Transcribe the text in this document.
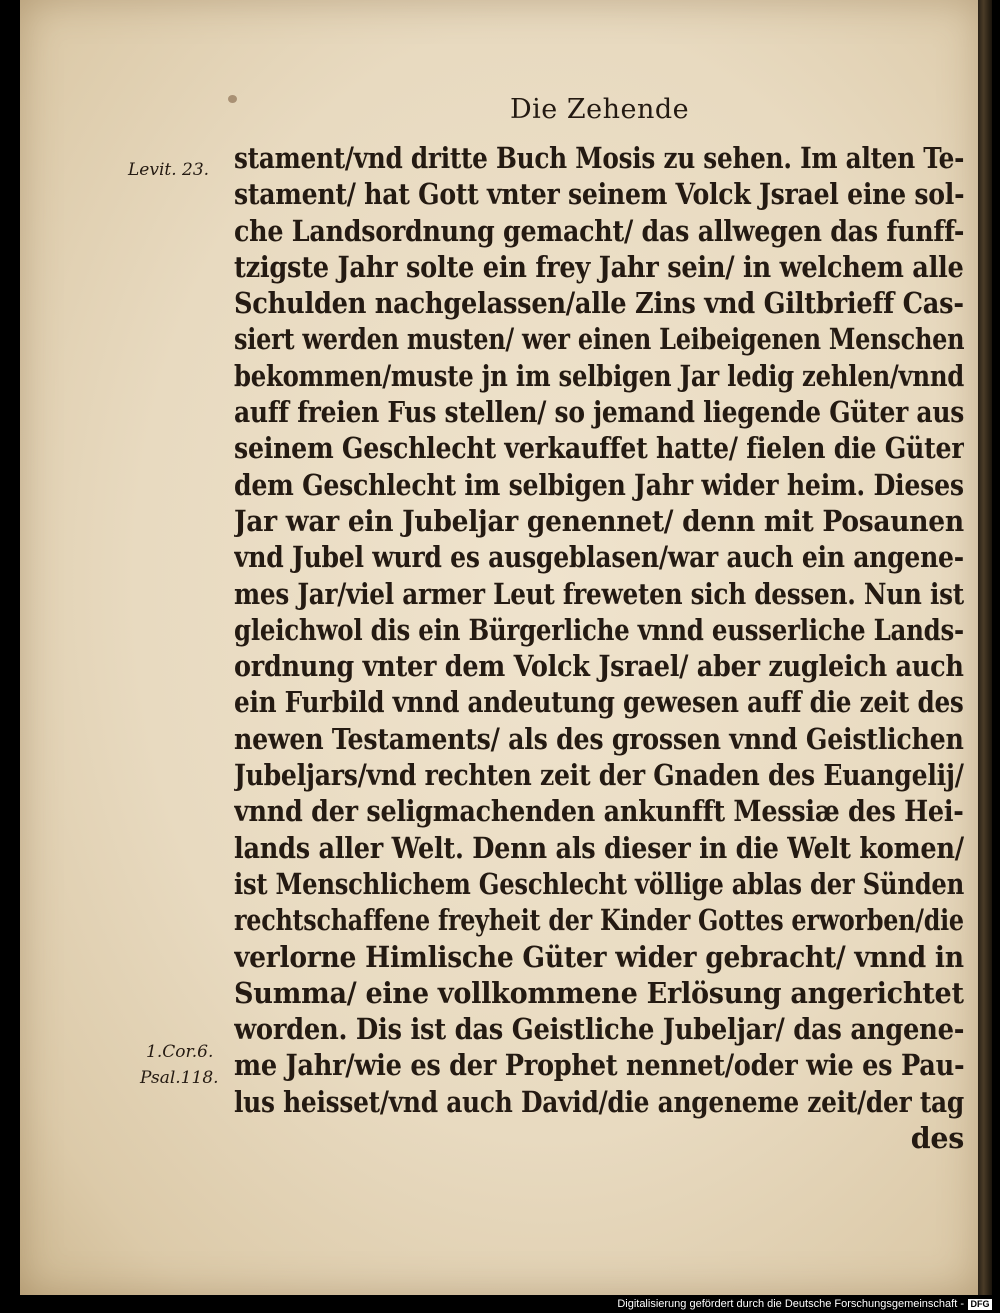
Die Zehende
Levit. 23.
1.Cor.6.
Psal.118.
stament/vnd dritte Buch Mosis zu sehen. Im alten Te-
stament/ hat Gott vnter seinem Volck Jsrael eine sol-
che Landsordnung gemacht/ das allwegen das funff-
tzigste Jahr solte ein frey Jahr sein/ in welchem alle
Schulden nachgelassen/alle Zins vnd Giltbrieff Cas-
siert werden musten/ wer einen Leibeigenen Menschen
bekommen/muste jn im selbigen Jar ledig zehlen/vnnd
auff freien Fus stellen/ so jemand liegende Güter aus
seinem Geschlecht verkauffet hatte/ fielen die Güter
dem Geschlecht im selbigen Jahr wider heim. Dieses
Jar war ein Jubeljar genennet/ denn mit Posaunen
vnd Jubel wurd es ausgeblasen/war auch ein angene-
mes Jar/viel armer Leut freweten sich dessen. Nun ist
gleichwol dis ein Bürgerliche vnnd eusserliche Lands-
ordnung vnter dem Volck Jsrael/ aber zugleich auch
ein Furbild vnnd andeutung gewesen auff die zeit des
newen Testaments/ als des grossen vnnd Geistlichen
Jubeljars/vnd rechten zeit der Gnaden des Euangelij/
vnnd der seligmachenden ankunfft Messiæ des Hei-
lands aller Welt. Denn als dieser in die Welt komen/
ist Menschlichem Geschlecht völlige ablas der Sünden
rechtschaffene freyheit der Kinder Gottes erworben/die
verlorne Himlische Güter wider gebracht/ vnnd in
Summa/ eine vollkommene Erlösung angerichtet
worden. Dis ist das Geistliche Jubeljar/ das angene-
me Jahr/wie es der Prophet nennet/oder wie es Pau-
lus heisset/vnd auch David/die angeneme zeit/der tag
des
Digitalisierung gefördert durch die Deutsche Forschungsgemeinschaft - DFG
